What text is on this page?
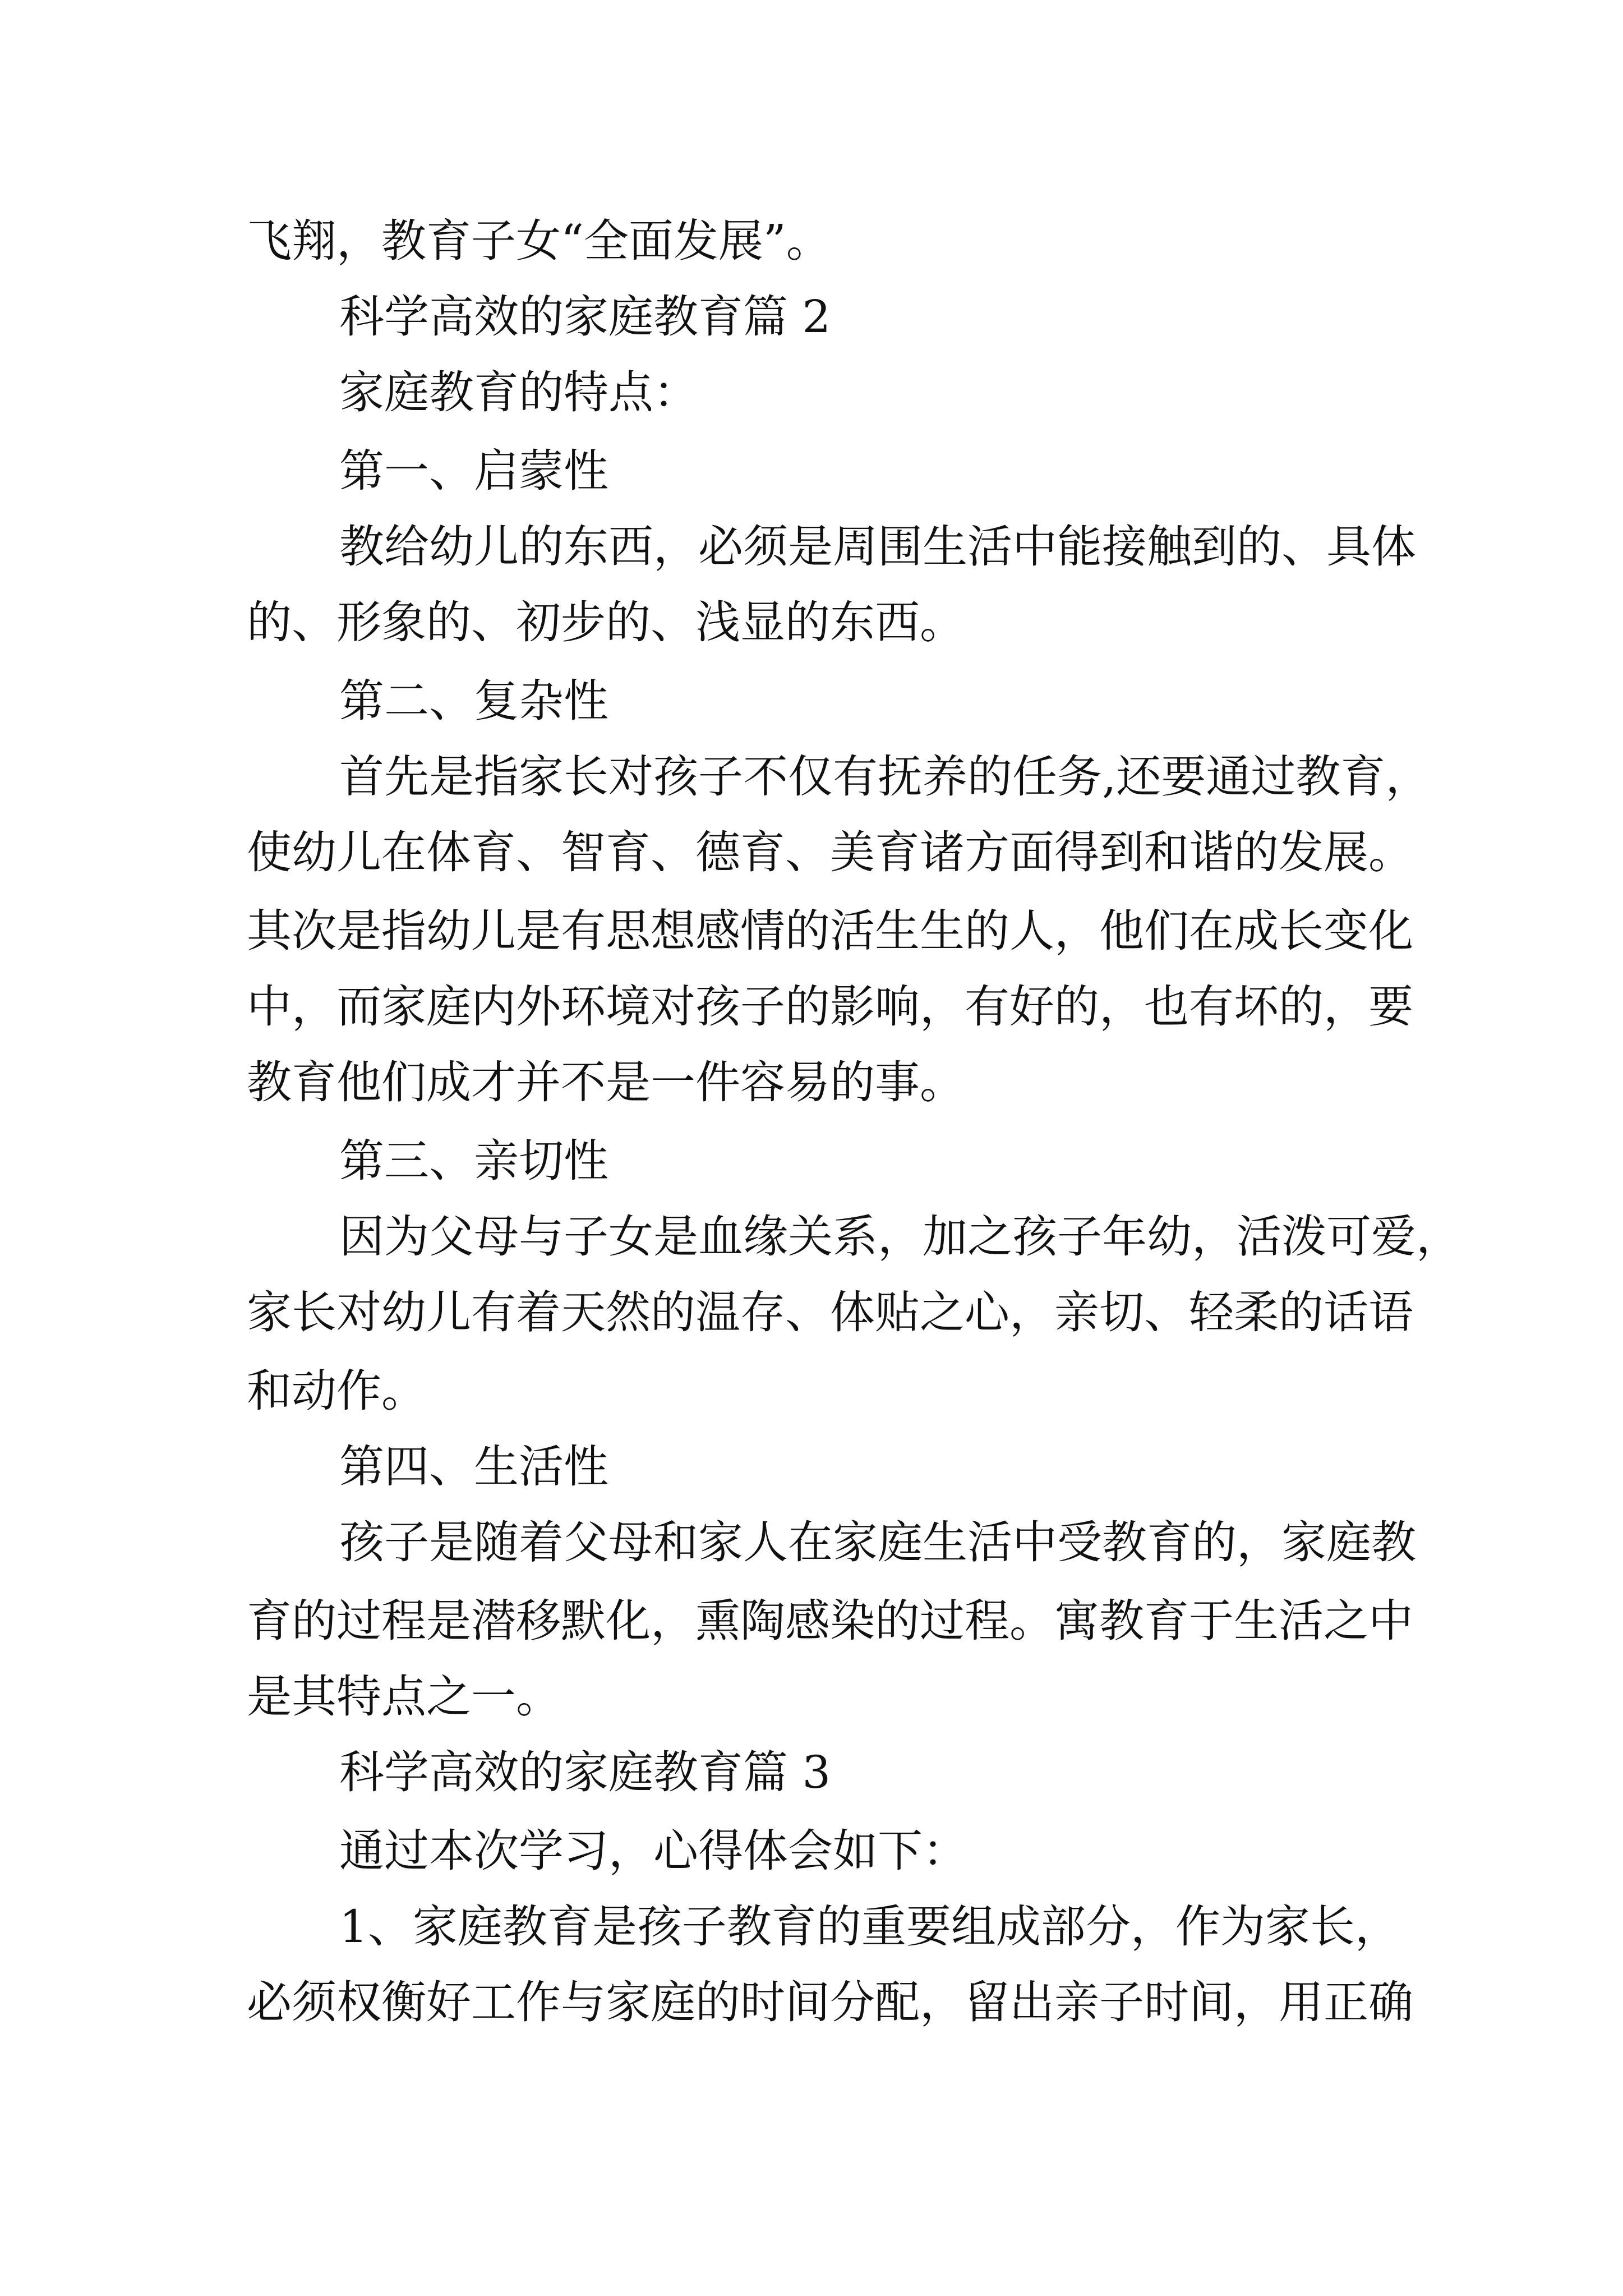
飞翔，教育子女“全面发展”。

科学高效的家庭教育篇 2

家庭教育的特点：

第一、启蒙性

教给幼儿的东西，必须是周围生活中能接触到的、具体

的、形象的、初步的、浅显的东西。

第二、复杂性

首先是指家长对孩子不仅有抚养的任务,还要通过教育，

使幼儿在体育、智育、德育、美育诸方面得到和谐的发展。

其次是指幼儿是有思想感情的活生生的人，他们在成长变化

中，而家庭内外环境对孩子的影响，有好的，也有坏的，要

教育他们成才并不是一件容易的事。

第三、亲切性

因为父母与子女是血缘关系，加之孩子年幼，活泼可爱，

家长对幼儿有着天然的温存、体贴之心，亲切、轻柔的话语

和动作。

第四、生活性

孩子是随着父母和家人在家庭生活中受教育的，家庭教

育的过程是潜移默化，熏陶感染的过程。寓教育于生活之中

是其特点之一。

科学高效的家庭教育篇 3

通过本次学习，心得体会如下：

1、家庭教育是孩子教育的重要组成部分，作为家长，

必须权衡好工作与家庭的时间分配，留出亲子时间，用正确
